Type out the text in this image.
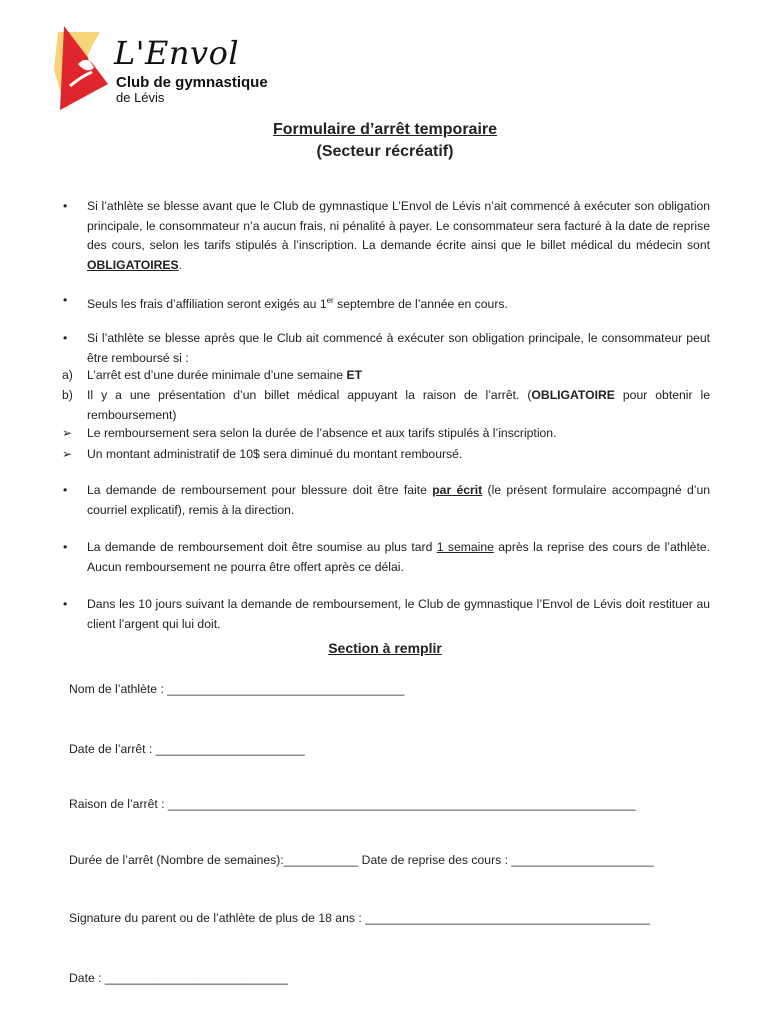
L'Envol
Club de gymnastique
de Lévis
Formulaire d’arrêt temporaire
(Secteur récréatif)
• Si l’athlète se blesse avant que le Club de gymnastique L’Envol de Lévis n’ait commencé à exécuter son obligation principale, le consommateur n’a aucun frais, ni pénalité à payer. Le consommateur sera facturé à la date de reprise des cours, selon les tarifs stipulés à l’inscription. La demande écrite ainsi que le billet médical du médecin sont OBLIGATOIRES.
• Seuls les frais d’affiliation seront exigés au 1er septembre de l’année en cours.
• Si l’athlète se blesse après que le Club ait commencé à exécuter son obligation principale, le consommateur peut être remboursé si :
a) L’arrêt est d’une durée minimale d’une semaine ET
b) Il y a une présentation d’un billet médical appuyant la raison de l’arrêt. (OBLIGATOIRE pour obtenir le remboursement)
➢ Le remboursement sera selon la durée de l’absence et aux tarifs stipulés à l’inscription.
➢ Un montant administratif de 10$ sera diminué du montant remboursé.
• La demande de remboursement pour blessure doit être faite par écrit (le présent formulaire accompagné d’un courriel explicatif), remis à la direction.
• La demande de remboursement doit être soumise au plus tard 1 semaine après la reprise des cours de l’athlète. Aucun remboursement ne pourra être offert après ce délai.
• Dans les 10 jours suivant la demande de remboursement, le Club de gymnastique l’Envol de Lévis doit restituer au client l’argent qui lui doit.
Section à remplir
Nom de l’athlète : ___________________________________
Date de l’arrêt : ______________________
Raison de l’arrêt : _____________________________________________________________________
Durée de l’arrêt (Nombre de semaines):___________ Date de reprise des cours : _____________________
Signature du parent ou de l’athlète de plus de 18 ans : __________________________________________
Date : ___________________________
